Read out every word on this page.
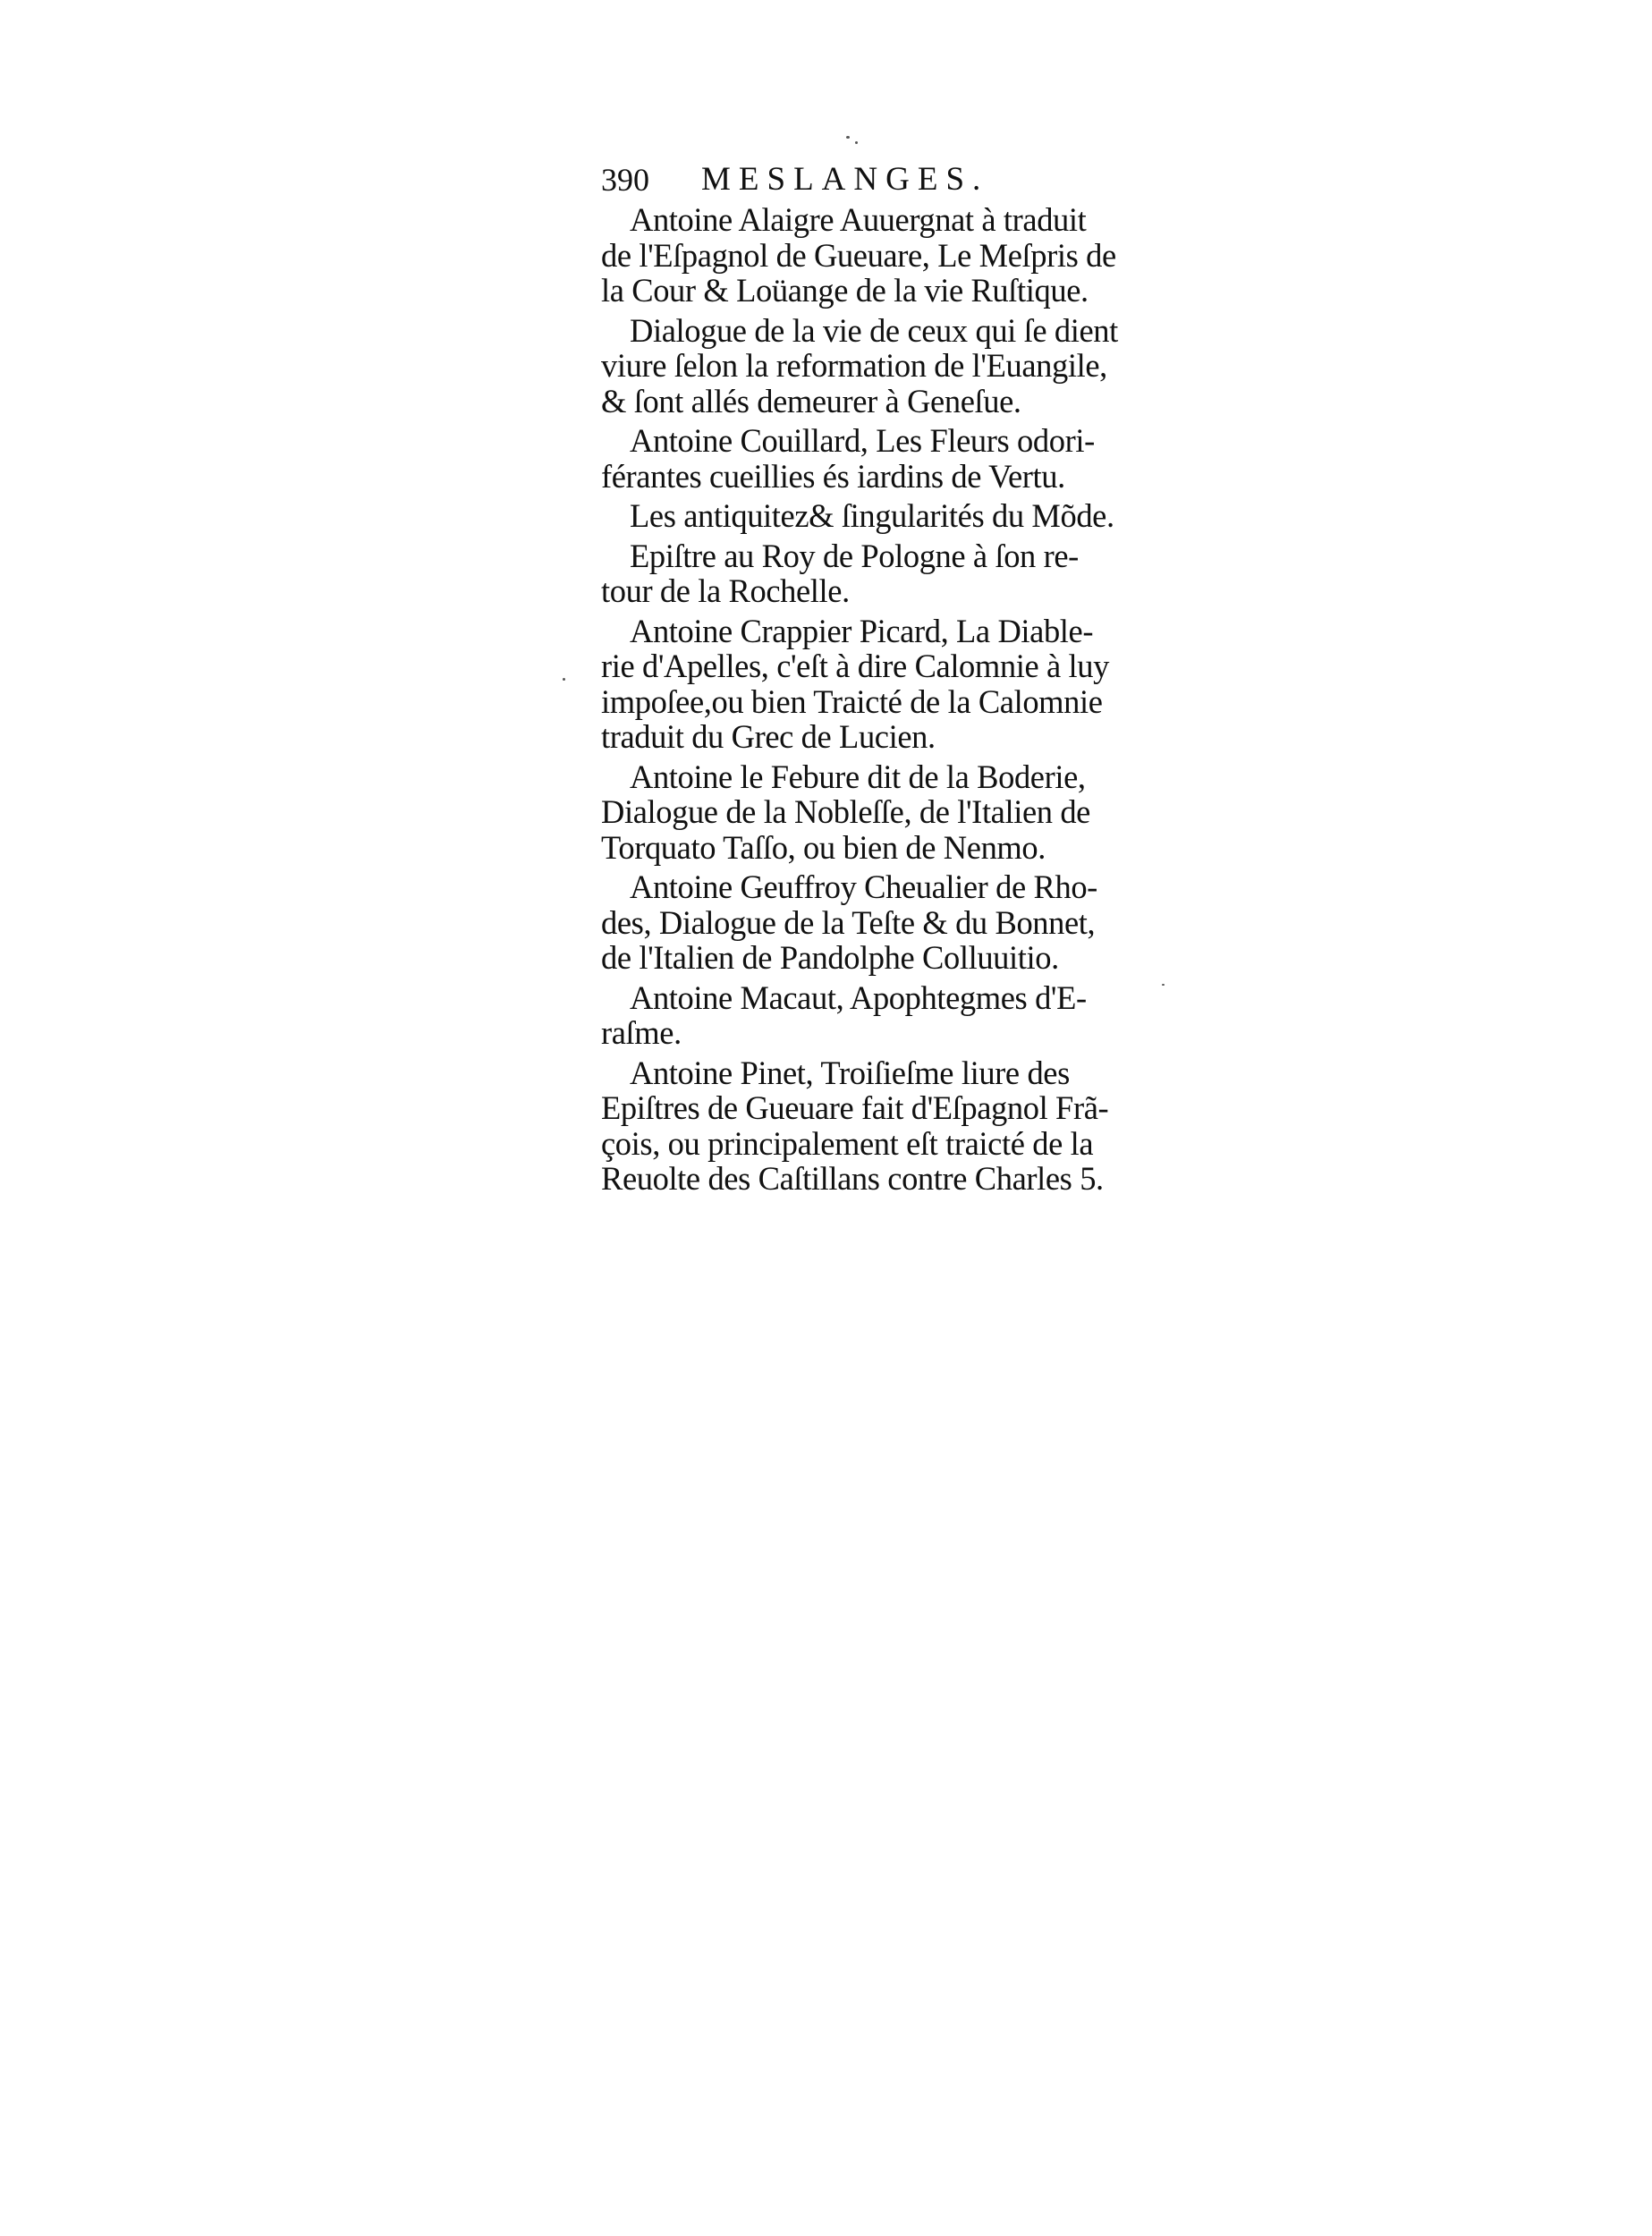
390 MESLANGES.

Antoine Alaigre Auuergnat à traduit
de l'Eſpagnol de Gueuare, Le Meſpris de
la Cour & Loüange de la vie Ruſtique.

Dialogue de la vie de ceux qui ſe dient
viure ſelon la reformation de l'Euangile,
& ſont allés demeurer à Geneſue.

Antoine Couillard, Les Fleurs odori-
férantes cueillies és iardins de Vertu.

Les antiquitez& ſingularités du Mõde.

Epiſtre au Roy de Pologne à ſon re-
tour de la Rochelle.

Antoine Crappier Picard, La Diable-
rie d'Apelles, c'eſt à dire Calomnie à luy
impoſee,ou bien Traicté de la Calomnie
traduit du Grec de Lucien.

Antoine le Febure dit de la Boderie,
Dialogue de la Nobleſſe, de l'Italien de
Torquato Taſſo, ou bien de Nenmo.

Antoine Geuffroy Cheualier de Rho-
des, Dialogue de la Teſte & du Bonnet,
de l'Italien de Pandolphe Colluuitio.

Antoine Macaut, Apophtegmes d'E-
raſme.

Antoine Pinet, Troiſieſme liure des
Epiſtres de Gueuare fait d'Eſpagnol Frã-
çois, ou principalement eſt traicté de la
Reuolte des Caſtillans contre Charles 5.
